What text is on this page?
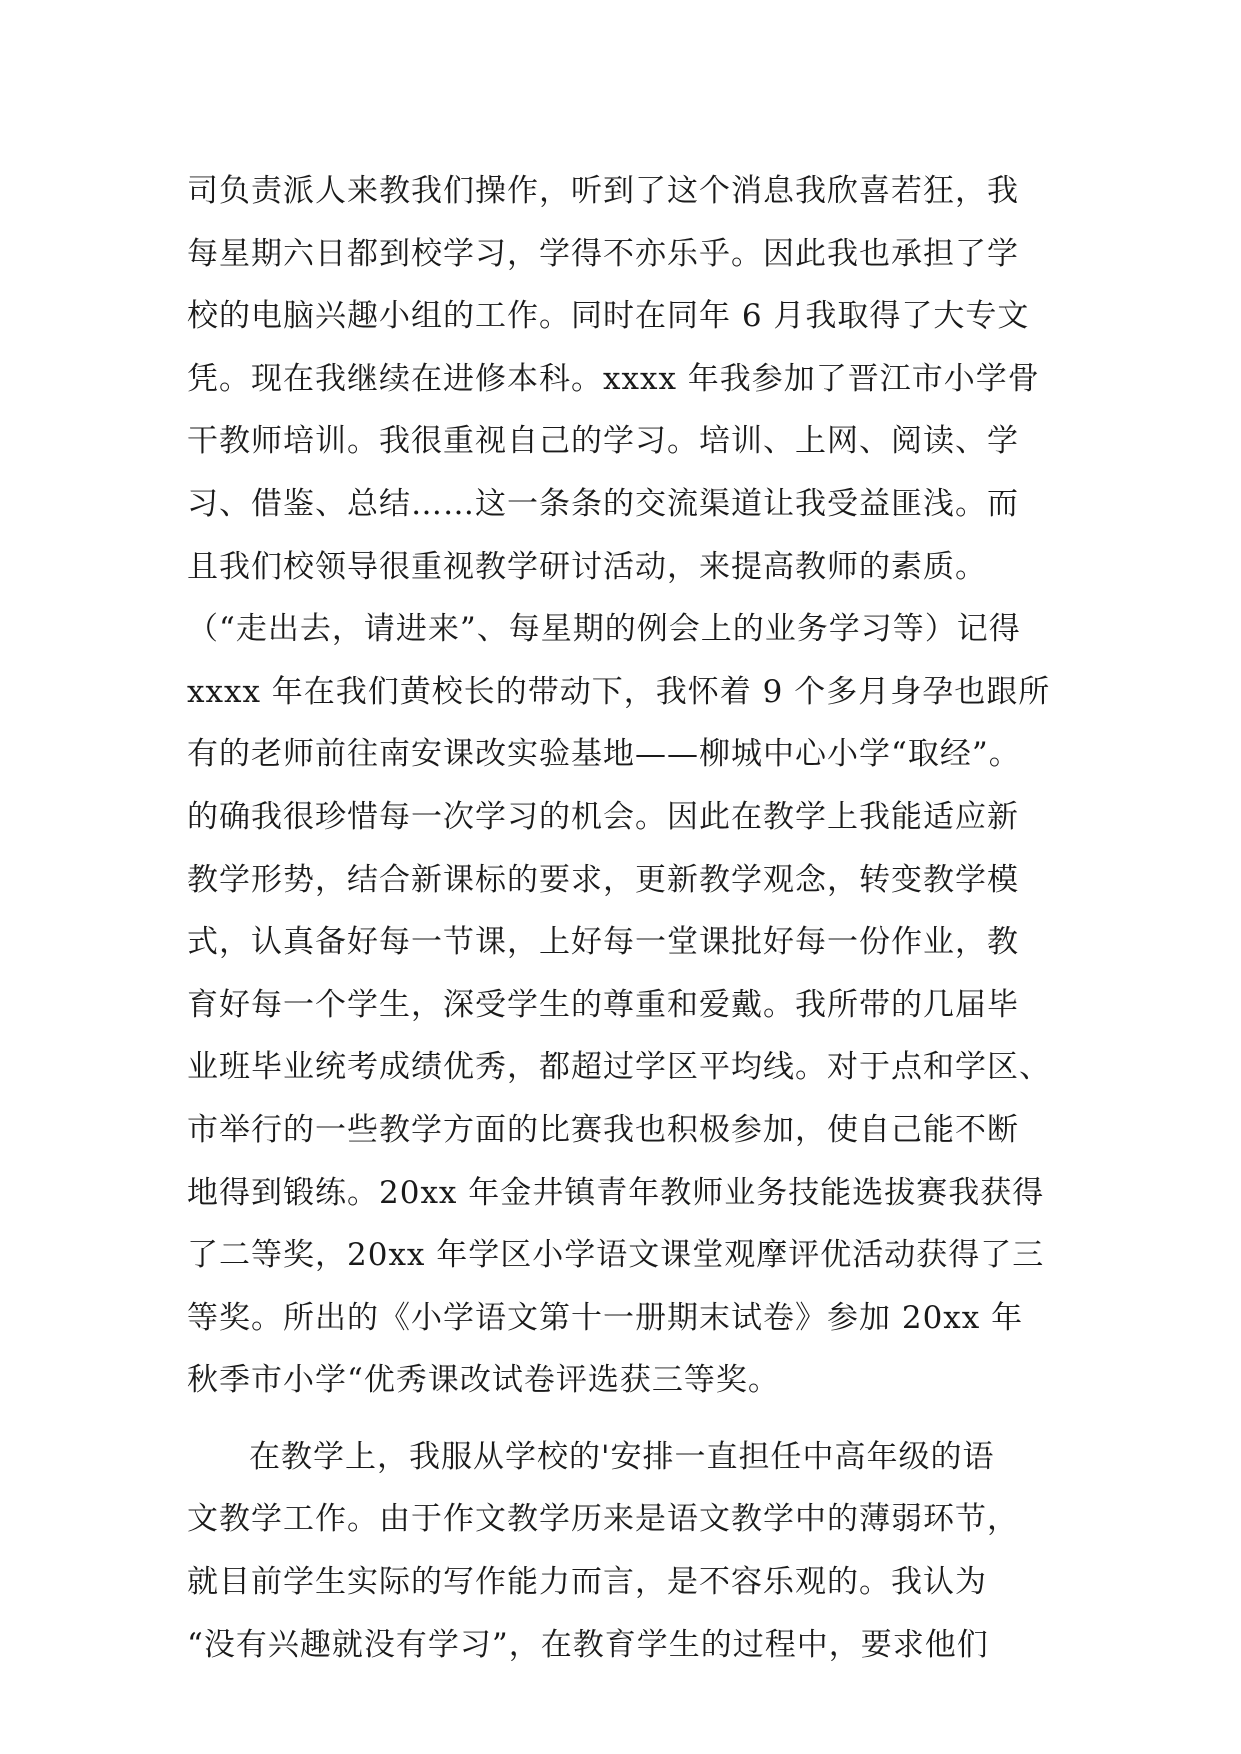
司负责派人来教我们操作，听到了这个消息我欣喜若狂，我
每星期六日都到校学习，学得不亦乐乎。因此我也承担了学
校的电脑兴趣小组的工作。同时在同年 6 月我取得了大专文
凭。现在我继续在进修本科。xxxx 年我参加了晋江市小学骨
干教师培训。我很重视自己的学习。培训、上网、阅读、学
习、借鉴、总结……这一条条的交流渠道让我受益匪浅。而
且我们校领导很重视教学研讨活动，来提高教师的素质。
（“走出去，请进来”、每星期的例会上的业务学习等）记得
xxxx 年在我们黄校长的带动下，我怀着 9 个多月身孕也跟所
有的老师前往南安课改实验基地——柳城中心小学“取经”。
的确我很珍惜每一次学习的机会。因此在教学上我能适应新
教学形势，结合新课标的要求，更新教学观念，转变教学模
式，认真备好每一节课，上好每一堂课批好每一份作业，教
育好每一个学生，深受学生的尊重和爱戴。我所带的几届毕
业班毕业统考成绩优秀，都超过学区平均线。对于点和学区、
市举行的一些教学方面的比赛我也积极参加，使自己能不断
地得到锻练。20xx 年金井镇青年教师业务技能选拔赛我获得
了二等奖，20xx 年学区小学语文课堂观摩评优活动获得了三
等奖。所出的《小学语文第十一册期末试卷》参加 20xx 年
秋季市小学“优秀课改试卷评选获三等奖。
在教学上，我服从学校的'安排一直担任中高年级的语
文教学工作。由于作文教学历来是语文教学中的薄弱环节，
就目前学生实际的写作能力而言，是不容乐观的。我认为
“没有兴趣就没有学习”，在教育学生的过程中，要求他们
